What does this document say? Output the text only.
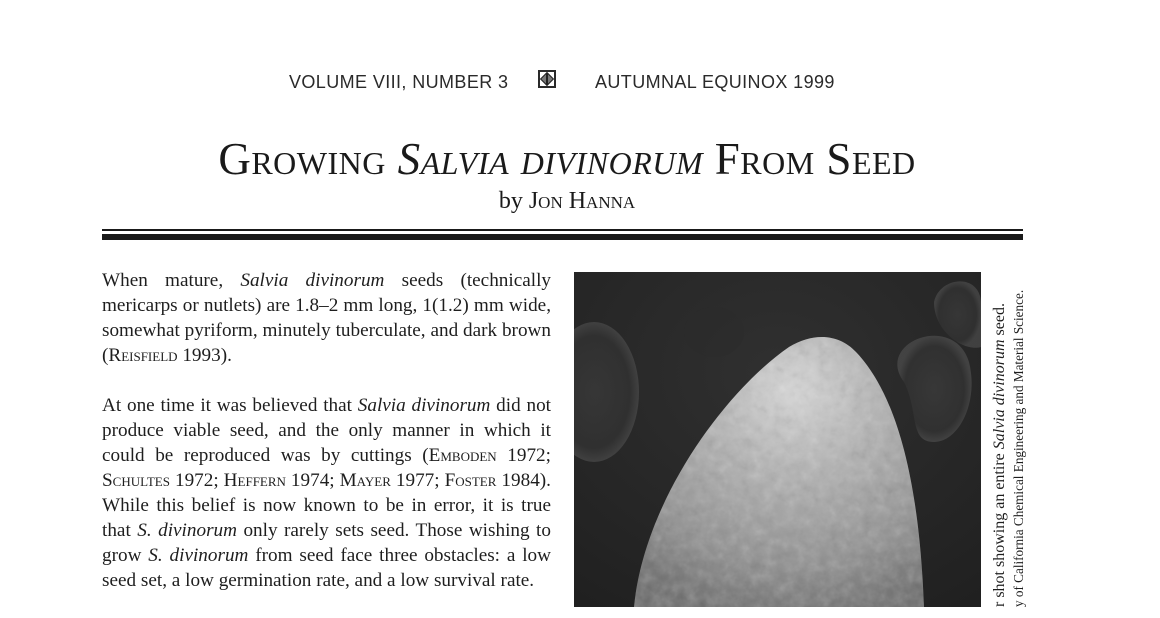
VOLUME VIII, NUMBER 3	AUTUMNAL EQUINOX 1999
Growing Salvia divinorum From Seed
by Jon Hanna

When mature, Salvia divinorum seeds (technically mericarps or nutlets) are 1.8–2 mm long, 1(1.2) mm wide, somewhat pyriform, minutely tuberculate, and dark brown (Reisfield 1993).

At one time it was believed that Salvia divinorum did not produce viable seed, and the only manner in which it could be reproduced was by cuttings (Emboden 1972; Schultes 1972; Heffern 1974; Mayer 1977; Foster 1984). While this belief is now known to be in error, it is true that S. divinorum only rarely sets seed. Those wishing to grow S. divinorum from seed face three obstacles: a low seed set, a low germination rate, and a low survival rate.	r shot showing an entire Salvia divinorum seed. y of California Chemical Engineering and Material Science.
